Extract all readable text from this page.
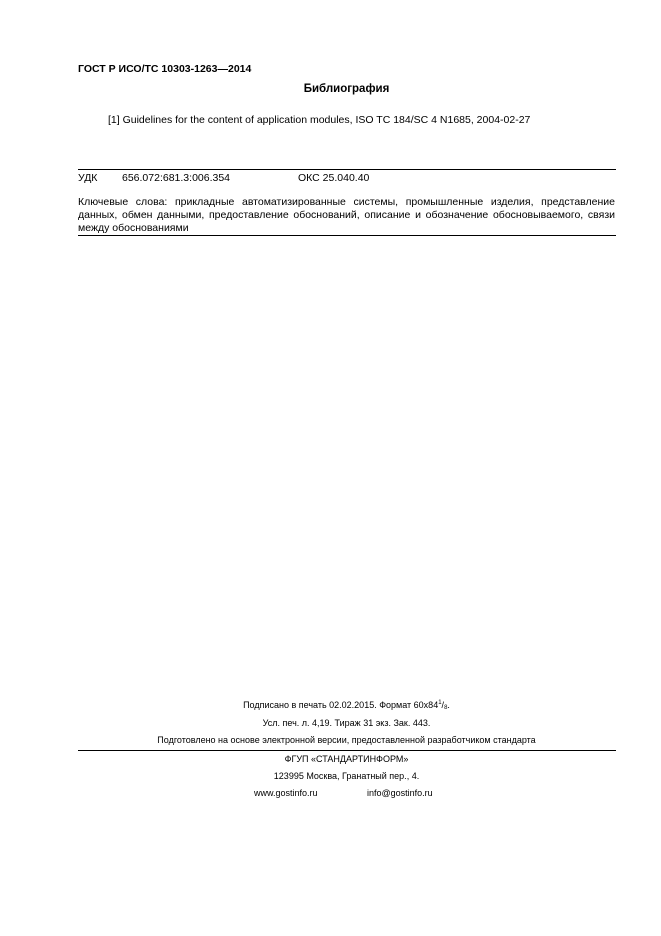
ГОСТ Р ИСО/ТС 10303-1263—2014
Библиография
[1] Guidelines for the content of application modules, ISO TC 184/SC 4 N1685, 2004-02-27
УДК 656.072:681.3:006.354	ОКС 25.040.40
Ключевые слова: прикладные автоматизированные системы, промышленные изделия, представление данных, обмен данными, предоставление обоснований, описание и обозначение обосновываемого, связи между обоснованиями
Подписано в печать 02.02.2015. Формат $60х84^1/_8$.
Усл. печ. л. 4,19. Тираж 31 экз. Зак. 443.
Подготовлено на основе электронной версии, предоставленной разработчиком стандарта
ФГУП «СТАНДАРТИНФОРМ»
123995 Москва, Гранатный пер., 4.
www.gostinfo.ru	info@gostinfo.ru
